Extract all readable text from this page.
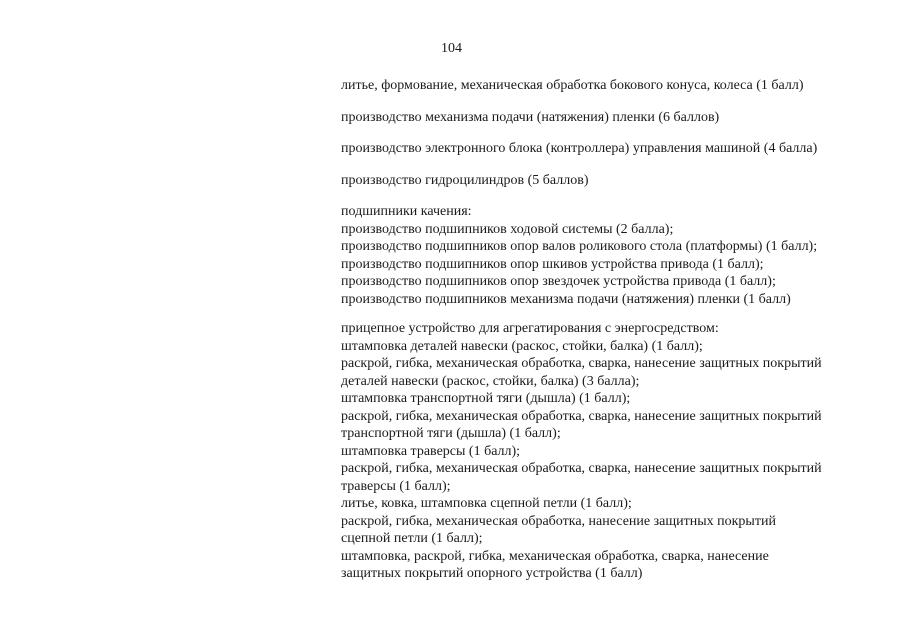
104

литье, формование, механическая обработка бокового конуса, колеса (1 балл)

производство механизма подачи (натяжения) пленки (6 баллов)

производство электронного блока (контроллера) управления машиной (4 балла)

производство гидроцилиндров (5 баллов)

подшипники качения:
производство подшипников ходовой системы (2 балла);
производство подшипников опор валов роликового стола (платформы) (1 балл);
производство подшипников опор шкивов устройства привода (1 балл);
производство подшипников опор звездочек устройства привода (1 балл);
производство подшипников механизма подачи (натяжения) пленки (1 балл)
прицепное устройство для агрегатирования с энергосредством:
штамповка деталей навески (раскос, стойки, балка) (1 балл);
раскрой, гибка, механическая обработка, сварка, нанесение защитных покрытий
деталей навески (раскос, стойки, балка) (3 балла);
штамповка транспортной тяги (дышла) (1 балл);
раскрой, гибка, механическая обработка, сварка, нанесение защитных покрытий
транспортной тяги (дышла) (1 балл);
штамповка траверсы (1 балл);
раскрой, гибка, механическая обработка, сварка, нанесение защитных покрытий
траверсы (1 балл);
литье, ковка, штамповка сцепной петли (1 балл);
раскрой, гибка, механическая обработка, нанесение защитных покрытий
сцепной петли (1 балл);
штамповка, раскрой, гибка, механическая обработка, сварка, нанесение
защитных покрытий опорного устройства (1 балл)
